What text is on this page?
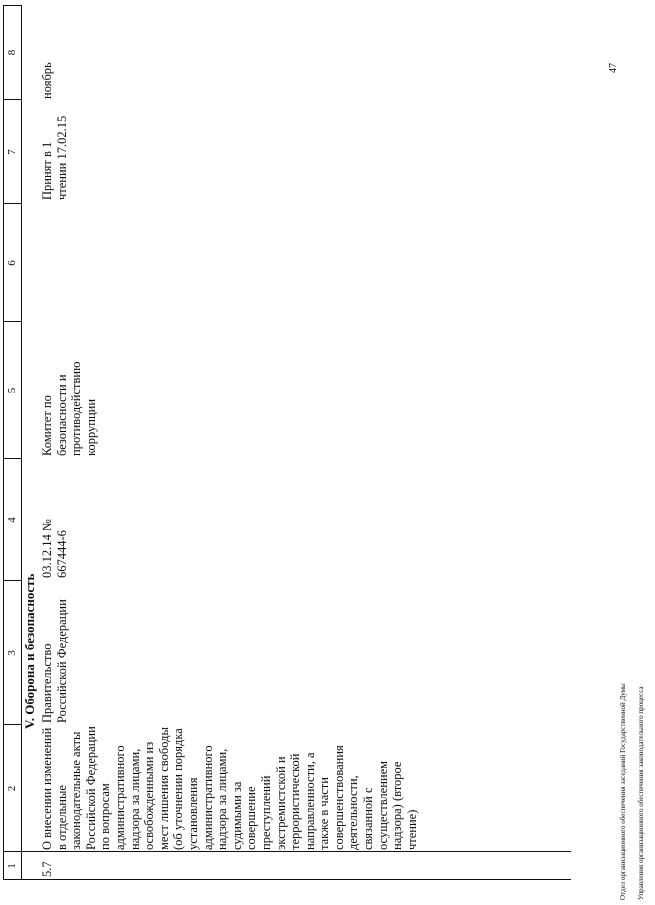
1
2
3
4
5
6
7
8
V. Оборона и безопасность
5.7
О внесении изменений в отдельные законодательные акты Российской Федерации по вопросам административного надзора за лицами, освобожденными из мест лишения свободы (об уточнении порядка установления административного надзора за лицами, судимыми за совершение преступлений экстремистской и террористической направленности, а также в части совершенствования деятельности, связанной с осуществлением надзора) (второе чтение)
Правительство Российской Федерации
03.12.14 № 667444-6
Комитет по безопасности и противодействию коррупции
Принят в 1 чтении 17.02.15
ноябрь

Отдел организационного обеспечения заседаний Государственной Думы Управления организационного обеспечения законодательного процесса

47
